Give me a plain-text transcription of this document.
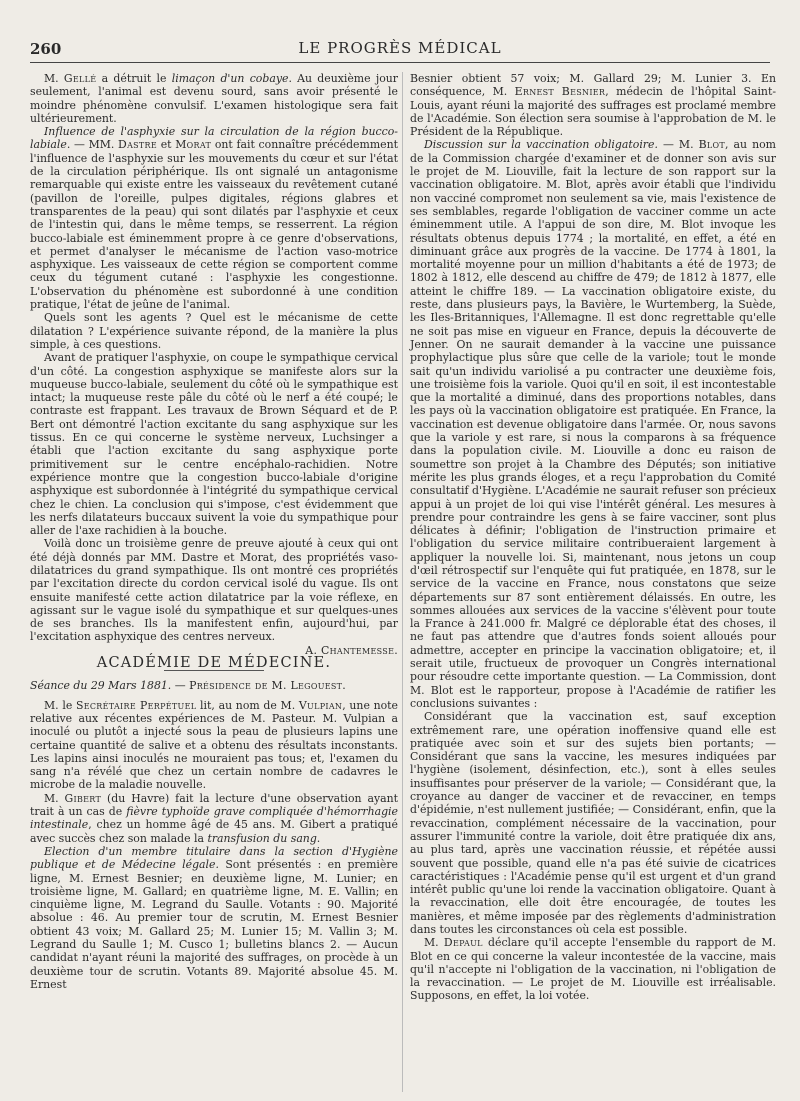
260	LE PROGRÈS MÉDICAL

M. Gellé a détruit le limaçon d'un cobaye. Au deuxième jour seulement, l'animal est devenu sourd, sans avoir présenté le moindre phénomène convulsif. L'examen histologique sera fait ultérieurement.

Influence de l'asphyxie sur la circulation de la région bucco-labiale. — MM. Dastre et Morat ont fait connaître précédemment l'influence de l'asphyxie sur les mouvements du cœur et sur l'état de la circulation périphérique. Ils ont signalé un antagonisme remarquable qui existe entre les vaisseaux du revêtement cutané (pavillon de l'oreille, pulpes digitales, régions glabres et transparentes de la peau) qui sont dilatés par l'asphyxie et ceux de l'intestin qui, dans le même temps, se resserrent. La région bucco-labiale est éminemment propre à ce genre d'observations, et permet d'analyser le mécanisme de l'action vaso-motrice asphyxique. Les vaisseaux de cette région se comportent comme ceux du tégument cutané : l'asphyxie les congestionne. L'observation du phénomène est subordonné à une condition pratique, l'état de jeûne de l'animal.

Quels sont les agents ? Quel est le mécanisme de cette dilatation ? L'expérience suivante répond, de la manière la plus simple, à ces questions.

Avant de pratiquer l'asphyxie, on coupe le sympathique cervical d'un côté. La congestion asphyxique se manifeste alors sur la muqueuse bucco-labiale, seulement du côté où le sympathique est intact; la muqueuse reste pâle du côté où le nerf a été coupé; le contraste est frappant. Les travaux de Brown Séquard et de P. Bert ont démontré l'action excitante du sang asphyxique sur les tissus. En ce qui concerne le système nerveux, Luchsinger a établi que l'action excitante du sang asphyxique porte primitivement sur le centre encéphalo-rachidien. Notre expérience montre que la congestion bucco-labiale d'origine asphyxique est subordonnée à l'intégrité du sympathique cervical chez le chien. La conclusion qui s'impose, c'est évidemment que les nerfs dilatateurs buccaux suivent la voie du sympathique pour aller de l'axe rachidien à la bouche.

Voilà donc un troisième genre de preuve ajouté à ceux qui ont été déjà donnés par MM. Dastre et Morat, des propriétés vaso-dilatatrices du grand sympathique. Ils ont montré ces propriétés par l'excitation directe du cordon cervical isolé du vague. Ils ont ensuite manifesté cette action dilatatrice par la voie réflexe, en agissant sur le vague isolé du sympathique et sur quelques-unes de ses branches. Ils la manifestent enfin, aujourd'hui, par l'excitation asphyxique des centres nerveux.

A. Chantemesse.

ACADÉMIE DE MÉDECINE.

Séance du 29 Mars 1881. — Présidence de M. Legouest.

M. le Secrétaire Perpétuel lit, au nom de M. Vulpian, une note relative aux récentes expériences de M. Pasteur. M. Vulpian a inoculé ou plutôt a injecté sous la peau de plusieurs lapins une certaine quantité de salive et a obtenu des résultats inconstants. Les lapins ainsi inoculés ne mouraient pas tous; et, l'examen du sang n'a révélé que chez un certain nombre de cadavres le microbe de la maladie nouvelle.

M. Gibert (du Havre) fait la lecture d'une observation ayant trait à un cas de fièvre typhoïde grave compliquée d'hémorrhagie intestinale, chez un homme âgé de 45 ans. M. Gibert a pratiqué avec succès chez son malade la transfusion du sang.

Election d'un membre titulaire dans la section d'Hygiène publique et de Médecine légale. Sont présentés : en première ligne, M. Ernest Besnier; en deuxième ligne, M. Lunier; en troisième ligne, M. Gallard; en quatrième ligne, M. E. Vallin; en cinquième ligne, M. Legrand du Saulle. Votants : 90. Majorité absolue : 46. Au premier tour de scrutin, M. Ernest Besnier obtient 43 voix; M. Gallard 25; M. Lunier 15; M. Vallin 3; M. Legrand du Saulle 1; M. Cusco 1; bulletins blancs 2. — Aucun candidat n'ayant réuni la majorité des suffrages, on procède à un deuxième tour de scrutin. Votants 89. Majorité absolue 45. M. Ernest

Besnier obtient 57 voix; M. Gallard 29; M. Lunier 3. En conséquence, M. Ernest Besnier, médecin de l'hôpital Saint-Louis, ayant réuni la majorité des suffrages est proclamé membre de l'Académie. Son élection sera soumise à l'approbation de M. le Président de la République.

Discussion sur la vaccination obligatoire. — M. Blot, au nom de la Commission chargée d'examiner et de donner son avis sur le projet de M. Liouville, fait la lecture de son rapport sur la vaccination obligatoire. M. Blot, après avoir établi que l'individu non vacciné compromet non seulement sa vie, mais l'existence de ses semblables, regarde l'obligation de vacciner comme un acte éminemment utile. A l'appui de son dire, M. Blot invoque les résultats obtenus depuis 1774 ; la mortalité, en effet, a été en diminuant grâce aux progrès de la vaccine. De 1774 à 1801, la mortalité moyenne pour un million d'habitants a été de 1973; de 1802 à 1812, elle descend au chiffre de 479; de 1812 à 1877, elle atteint le chiffre 189. — La vaccination obligatoire existe, du reste, dans plusieurs pays, la Bavière, le Wurtemberg, la Suède, les Iles-Britanniques, l'Allemagne. Il est donc regrettable qu'elle ne soit pas mise en vigueur en France, depuis la découverte de Jenner. On ne saurait demander à la vaccine une puissance prophylactique plus sûre que celle de la variole; tout le monde sait qu'un individu variolisé a pu contracter une deuxième fois, une troisième fois la variole. Quoi qu'il en soit, il est incontestable que la mortalité a diminué, dans des proportions notables, dans les pays où la vaccination obligatoire est pratiquée. En France, la vaccination est devenue obligatoire dans l'armée. Or, nous savons que la variole y est rare, si nous la comparons à sa fréquence dans la population civile. M. Liouville a donc eu raison de soumettre son projet à la Chambre des Députés; son initiative mérite les plus grands éloges, et a reçu l'approbation du Comité consultatif d'Hygiène. L'Académie ne saurait refuser son précieux appui à un projet de loi qui vise l'intérêt général. Les mesures à prendre pour contraindre les gens à se faire vacciner, sont plus délicates à définir; l'obligation de l'instruction primaire et l'obligation du service militaire contribueraient largement à appliquer la nouvelle loi. Si, maintenant, nous jetons un coup d'œil rétrospectif sur l'enquête qui fut pratiquée, en 1878, sur le service de la vaccine en France, nous constatons que seize départements sur 87 sont entièrement délaissés. En outre, les sommes allouées aux services de la vaccine s'élèvent pour toute la France à 241.000 fr. Malgré ce déplorable état des choses, il ne faut pas attendre que d'autres fonds soient alloués pour admettre, accepter en principe la vaccination obligatoire; et, il serait utile, fructueux de provoquer un Congrès international pour résoudre cette importante question. — La Commission, dont M. Blot est le rapporteur, propose à l'Académie de ratifier les conclusions suivantes :

Considérant que la vaccination est, sauf exception extrêmement rare, une opération inoffensive quand elle est pratiquée avec soin et sur des sujets bien portants; — Considérant que sans la vaccine, les mesures indiquées par l'hygiène (isolement, désinfection, etc.), sont à elles seules insuffisantes pour préserver de la variole; — Considérant que, la croyance au danger de vacciner et de revacciner, en temps d'épidémie, n'est nullement justifiée; — Considérant, enfin, que la revaccination, complément nécessaire de la vaccination, pour assurer l'immunité contre la variole, doit être pratiquée dix ans, au plus tard, après une vaccination réussie, et répétée aussi souvent que possible, quand elle n'a pas été suivie de cicatrices caractéristiques : l'Académie pense qu'il est urgent et d'un grand intérêt public qu'une loi rende la vaccination obligatoire. Quant à la revaccination, elle doit être encouragée, de toutes les manières, et même imposée par des règlements d'administration dans toutes les circonstances où cela est possible.

M. Depaul déclare qu'il accepte l'ensemble du rapport de M. Blot en ce qui concerne la valeur incontestée de la vaccine, mais qu'il n'accepte ni l'obligation de la vaccination, ni l'obligation de la revaccination. — Le projet de M. Liouville est irréalisable. Supposons, en effet, la loi votée.
